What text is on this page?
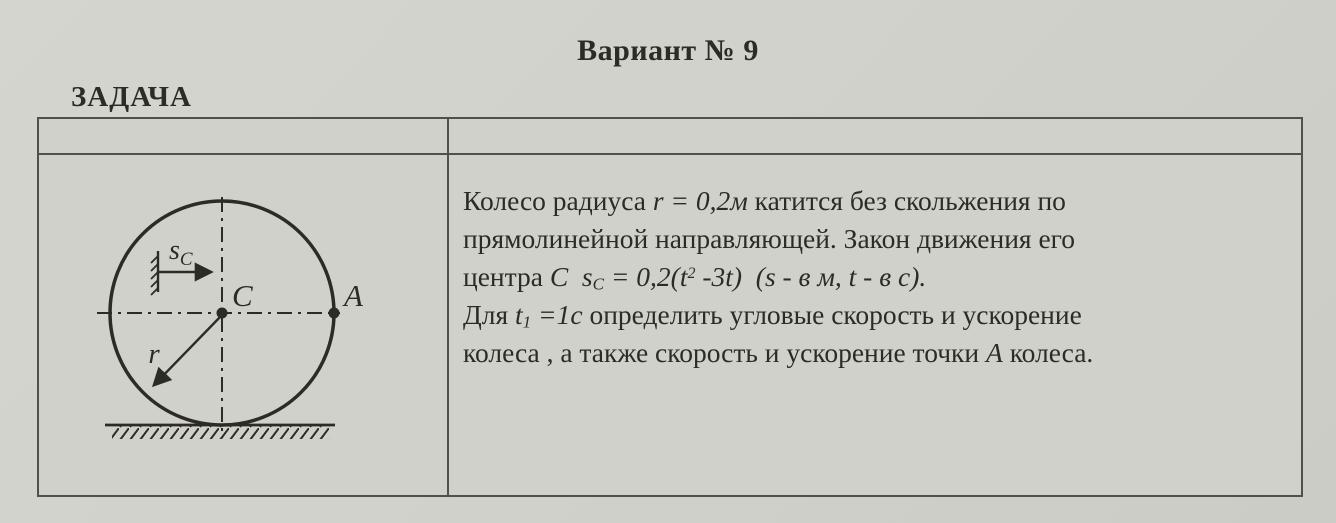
Вариант № 9
ЗАДАЧА
C	A
r
$s_C$
Колесо радиуса r = 0,2м катится без скольжения по
прямолинейной направляющей. Закон движения его
центра C $s_C = 0,2(t^2$ -3t)  (s - в м, t - в с).
Для $t_1 =1с$ определить угловые скорость и ускорение
колеса , а также скорость и ускорение точки А колеса.
